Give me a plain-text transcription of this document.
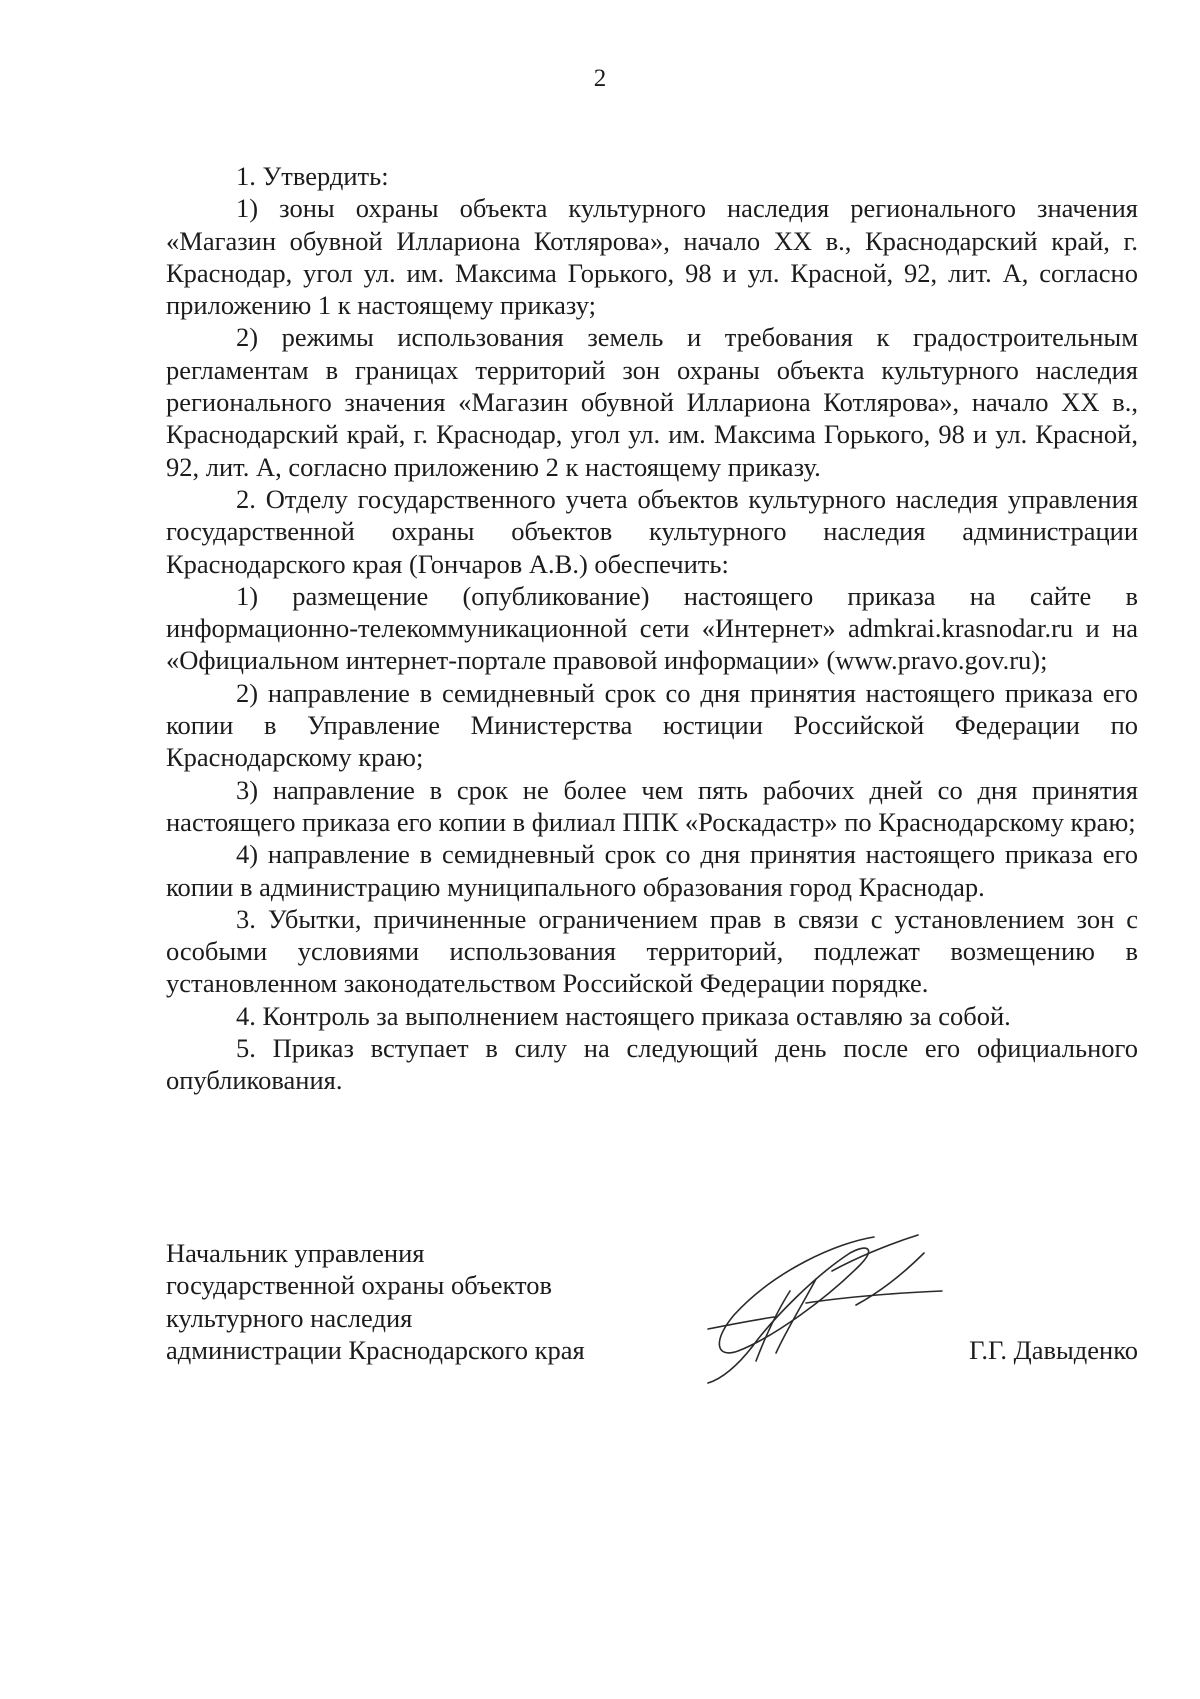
2

1. Утвердить:

1) зоны охраны объекта культурного наследия регионального значения «Магазин обувной Иллариона Котлярова», начало XX в., Краснодарский край, г. Краснодар, угол ул. им. Максима Горького, 98 и ул. Красной, 92, лит. А, согласно приложению 1 к настоящему приказу;

2) режимы использования земель и требования к градостроительным регламентам в границах территорий зон охраны объекта культурного наследия регионального значения «Магазин обувной Иллариона Котлярова», начало XX в., Краснодарский край, г. Краснодар, угол ул. им. Максима Горького, 98 и ул. Красной, 92, лит. А, согласно приложению 2 к настоящему приказу.

2. Отделу государственного учета объектов культурного наследия управления государственной охраны объектов культурного наследия администрации Краснодарского края (Гончаров А.В.) обеспечить:

1) размещение (опубликование) настоящего приказа на сайте в информационно-телекоммуникационной сети «Интернет» admkrai.krasnodar.ru и на «Официальном интернет-портале правовой информации» (www.pravo.gov.ru);

2) направление в семидневный срок со дня принятия настоящего приказа его копии в Управление Министерства юстиции Российской Федерации по Краснодарскому краю;

3) направление в срок не более чем пять рабочих дней со дня принятия настоящего приказа его копии в филиал ППК «Роскадастр» по Краснодарскому краю;

4) направление в семидневный срок со дня принятия настоящего приказа его копии в администрацию муниципального образования город Краснодар.

3. Убытки, причиненные ограничением прав в связи с установлением зон с особыми условиями использования территорий, подлежат возмещению в установленном законодательством Российской Федерации порядке.

4. Контроль за выполнением настоящего приказа оставляю за собой.

5. Приказ вступает в силу на следующий день после его официального опубликования.

Начальник управления
государственной охраны объектов
культурного наследия
администрации Краснодарского края	Г.Г. Давыденко
